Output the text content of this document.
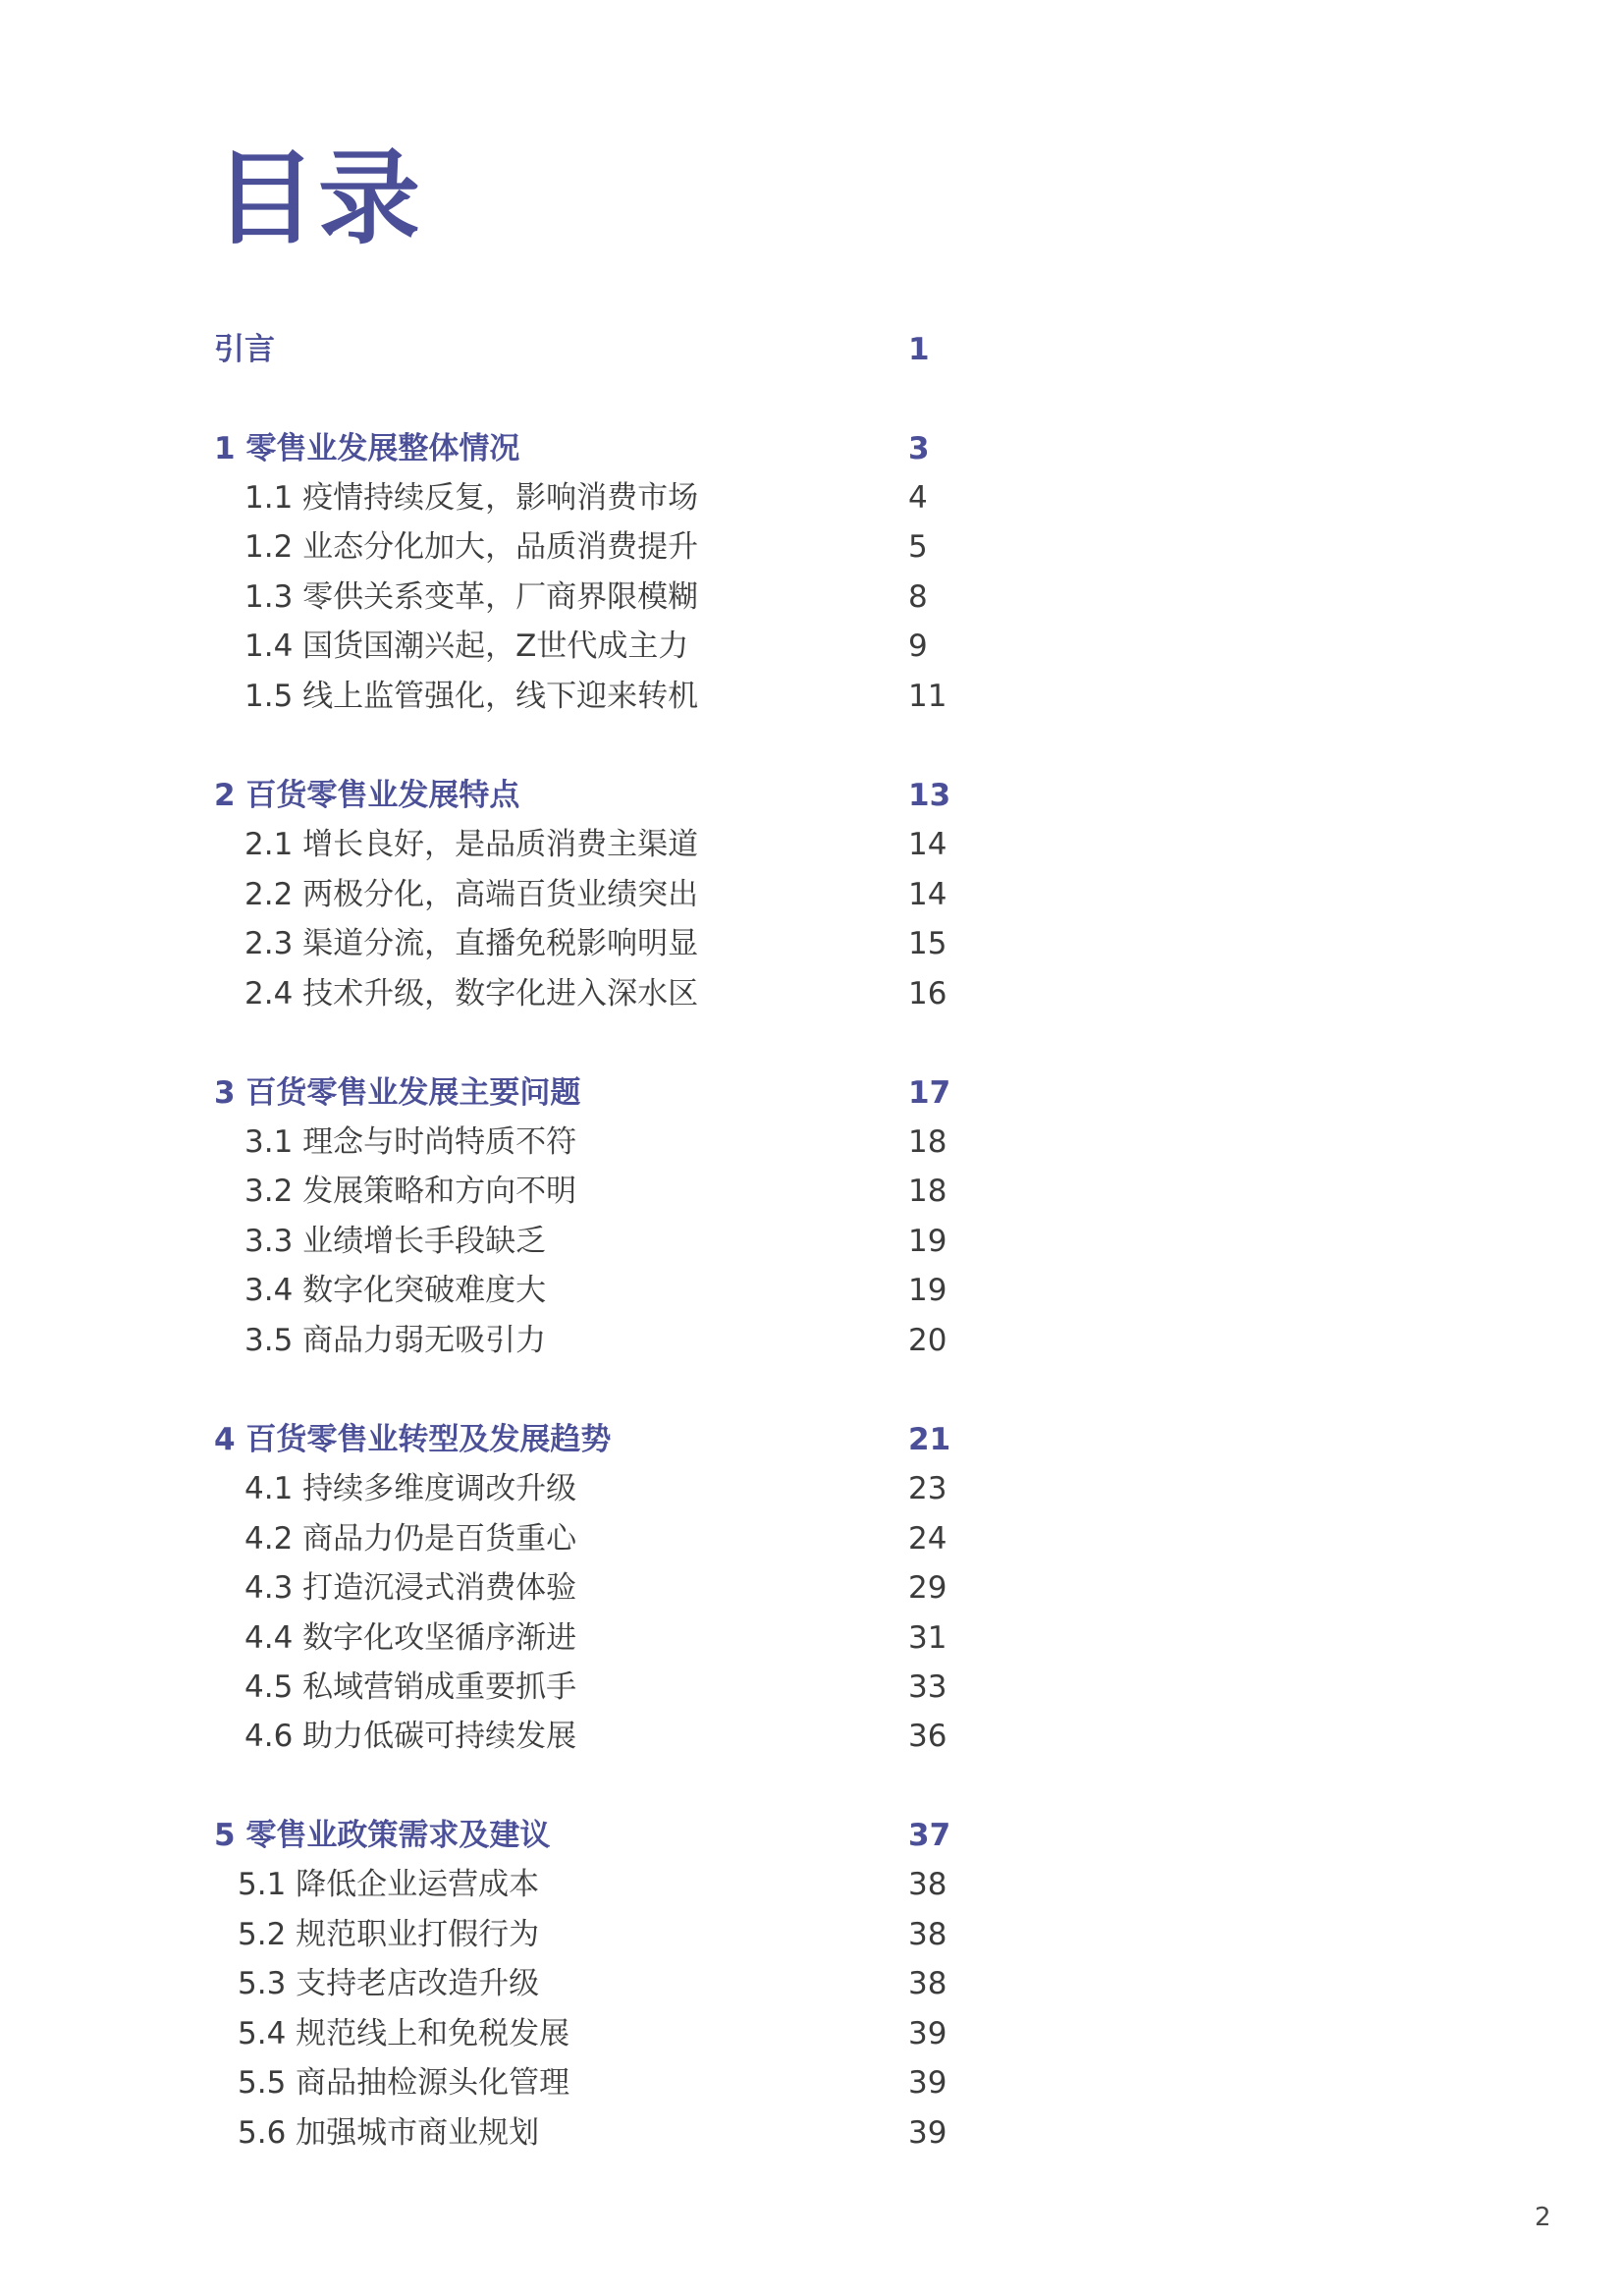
目录
引言	1
1 零售业发展整体情况	3
1.1 疫情持续反复，影响消费市场	4
1.2 业态分化加大，品质消费提升	5
1.3 零供关系变革，厂商界限模糊	8
1.4 国货国潮兴起，Z世代成主力	9
1.5 线上监管强化，线下迎来转机	11
2 百货零售业发展特点	13
2.1 增长良好，是品质消费主渠道	14
2.2 两极分化，高端百货业绩突出	14
2.3 渠道分流，直播免税影响明显	15
2.4 技术升级，数字化进入深水区	16
3 百货零售业发展主要问题	17
3.1 理念与时尚特质不符	18
3.2 发展策略和方向不明	18
3.3 业绩增长手段缺乏	19
3.4 数字化突破难度大	19
3.5 商品力弱无吸引力	20
4 百货零售业转型及发展趋势	21
4.1 持续多维度调改升级	23
4.2 商品力仍是百货重心	24
4.3 打造沉浸式消费体验	29
4.4 数字化攻坚循序渐进	31
4.5 私域营销成重要抓手	33
4.6 助力低碳可持续发展	36
5 零售业政策需求及建议	37
5.1 降低企业运营成本	38
5.2 规范职业打假行为	38
5.3 支持老店改造升级	38
5.4 规范线上和免税发展	39
5.5 商品抽检源头化管理	39
5.6 加强城市商业规划	39
2
